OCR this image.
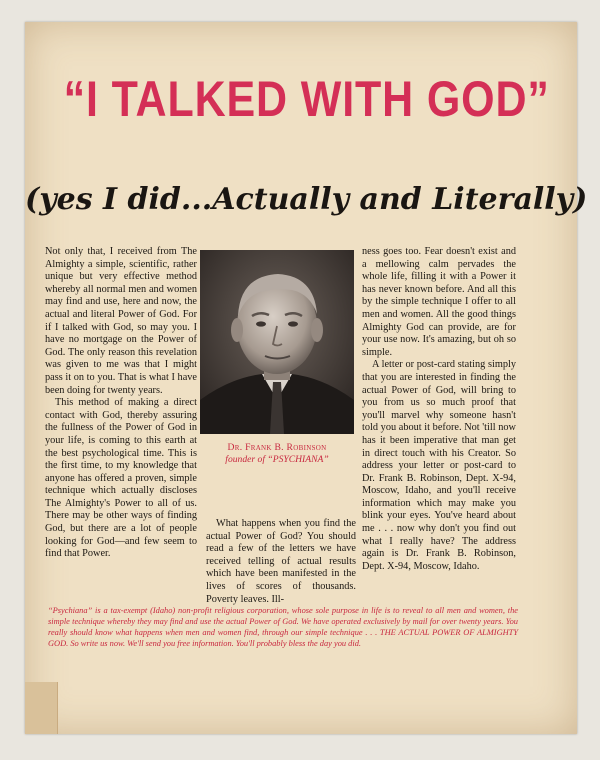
“I TALKED WITH GOD”
(yes I did...Actually and Literally)

Not only that, I received from The Almighty a simple, scientific, rather unique but very effective method whereby all normal men and women may find and use, here and now, the actual and literal Power of God. For if I talked with God, so may you. I have no mortgage on the Power of God. The only reason this revelation was given to me was that I might pass it on to you. That is what I have been doing for twenty years.

This method of making a direct contact with God, thereby assuring the fullness of the Power of God in your life, is coming to this earth at the best psychological time. This is the first time, to my knowledge that anyone has offered a proven, simple technique which actually discloses The Almighty's Power to all of us. There may be other ways of finding God, but there are a lot of people looking for God—and few seem to find that Power.

Dr. Frank B. Robinson
founder of “PSYCHIANA”

What happens when you find the actual Power of God? You should read a few of the letters we have received telling of actual results which have been manifested in the lives of scores of thousands. Poverty leaves. Ill-

ness goes too. Fear doesn't exist and a mellowing calm pervades the whole life, filling it with a Power it has never known before. And all this by the simple technique I offer to all men and women. All the good things Almighty God can provide, are for your use now. It's amazing, but oh so simple.

A letter or post-card stating simply that you are interested in finding the actual Power of God, will bring to you from us so much proof that you'll marvel why someone hasn't told you about it before. Not 'till now has it been imperative that man get in direct touch with his Creator. So address your letter or post-card to Dr. Frank B. Robinson, Dept. X-94, Moscow, Idaho, and you'll receive information which may make you blink your eyes. You've heard about me . . . now why don't you find out what I really have? The address again is Dr. Frank B. Robinson, Dept. X-94, Moscow, Idaho.

“Psychiana” is a tax-exempt (Idaho) non-profit religious corporation, whose sole purpose in life is to reveal to all men and women, the simple technique whereby they may find and use the actual Power of God. We have operated exclusively by mail for over twenty years. You really should know what happens when men and women find, through our simple technique . . . THE ACTUAL POWER OF ALMIGHTY GOD. So write us now. We'll send you free information. You'll probably bless the day you did.
